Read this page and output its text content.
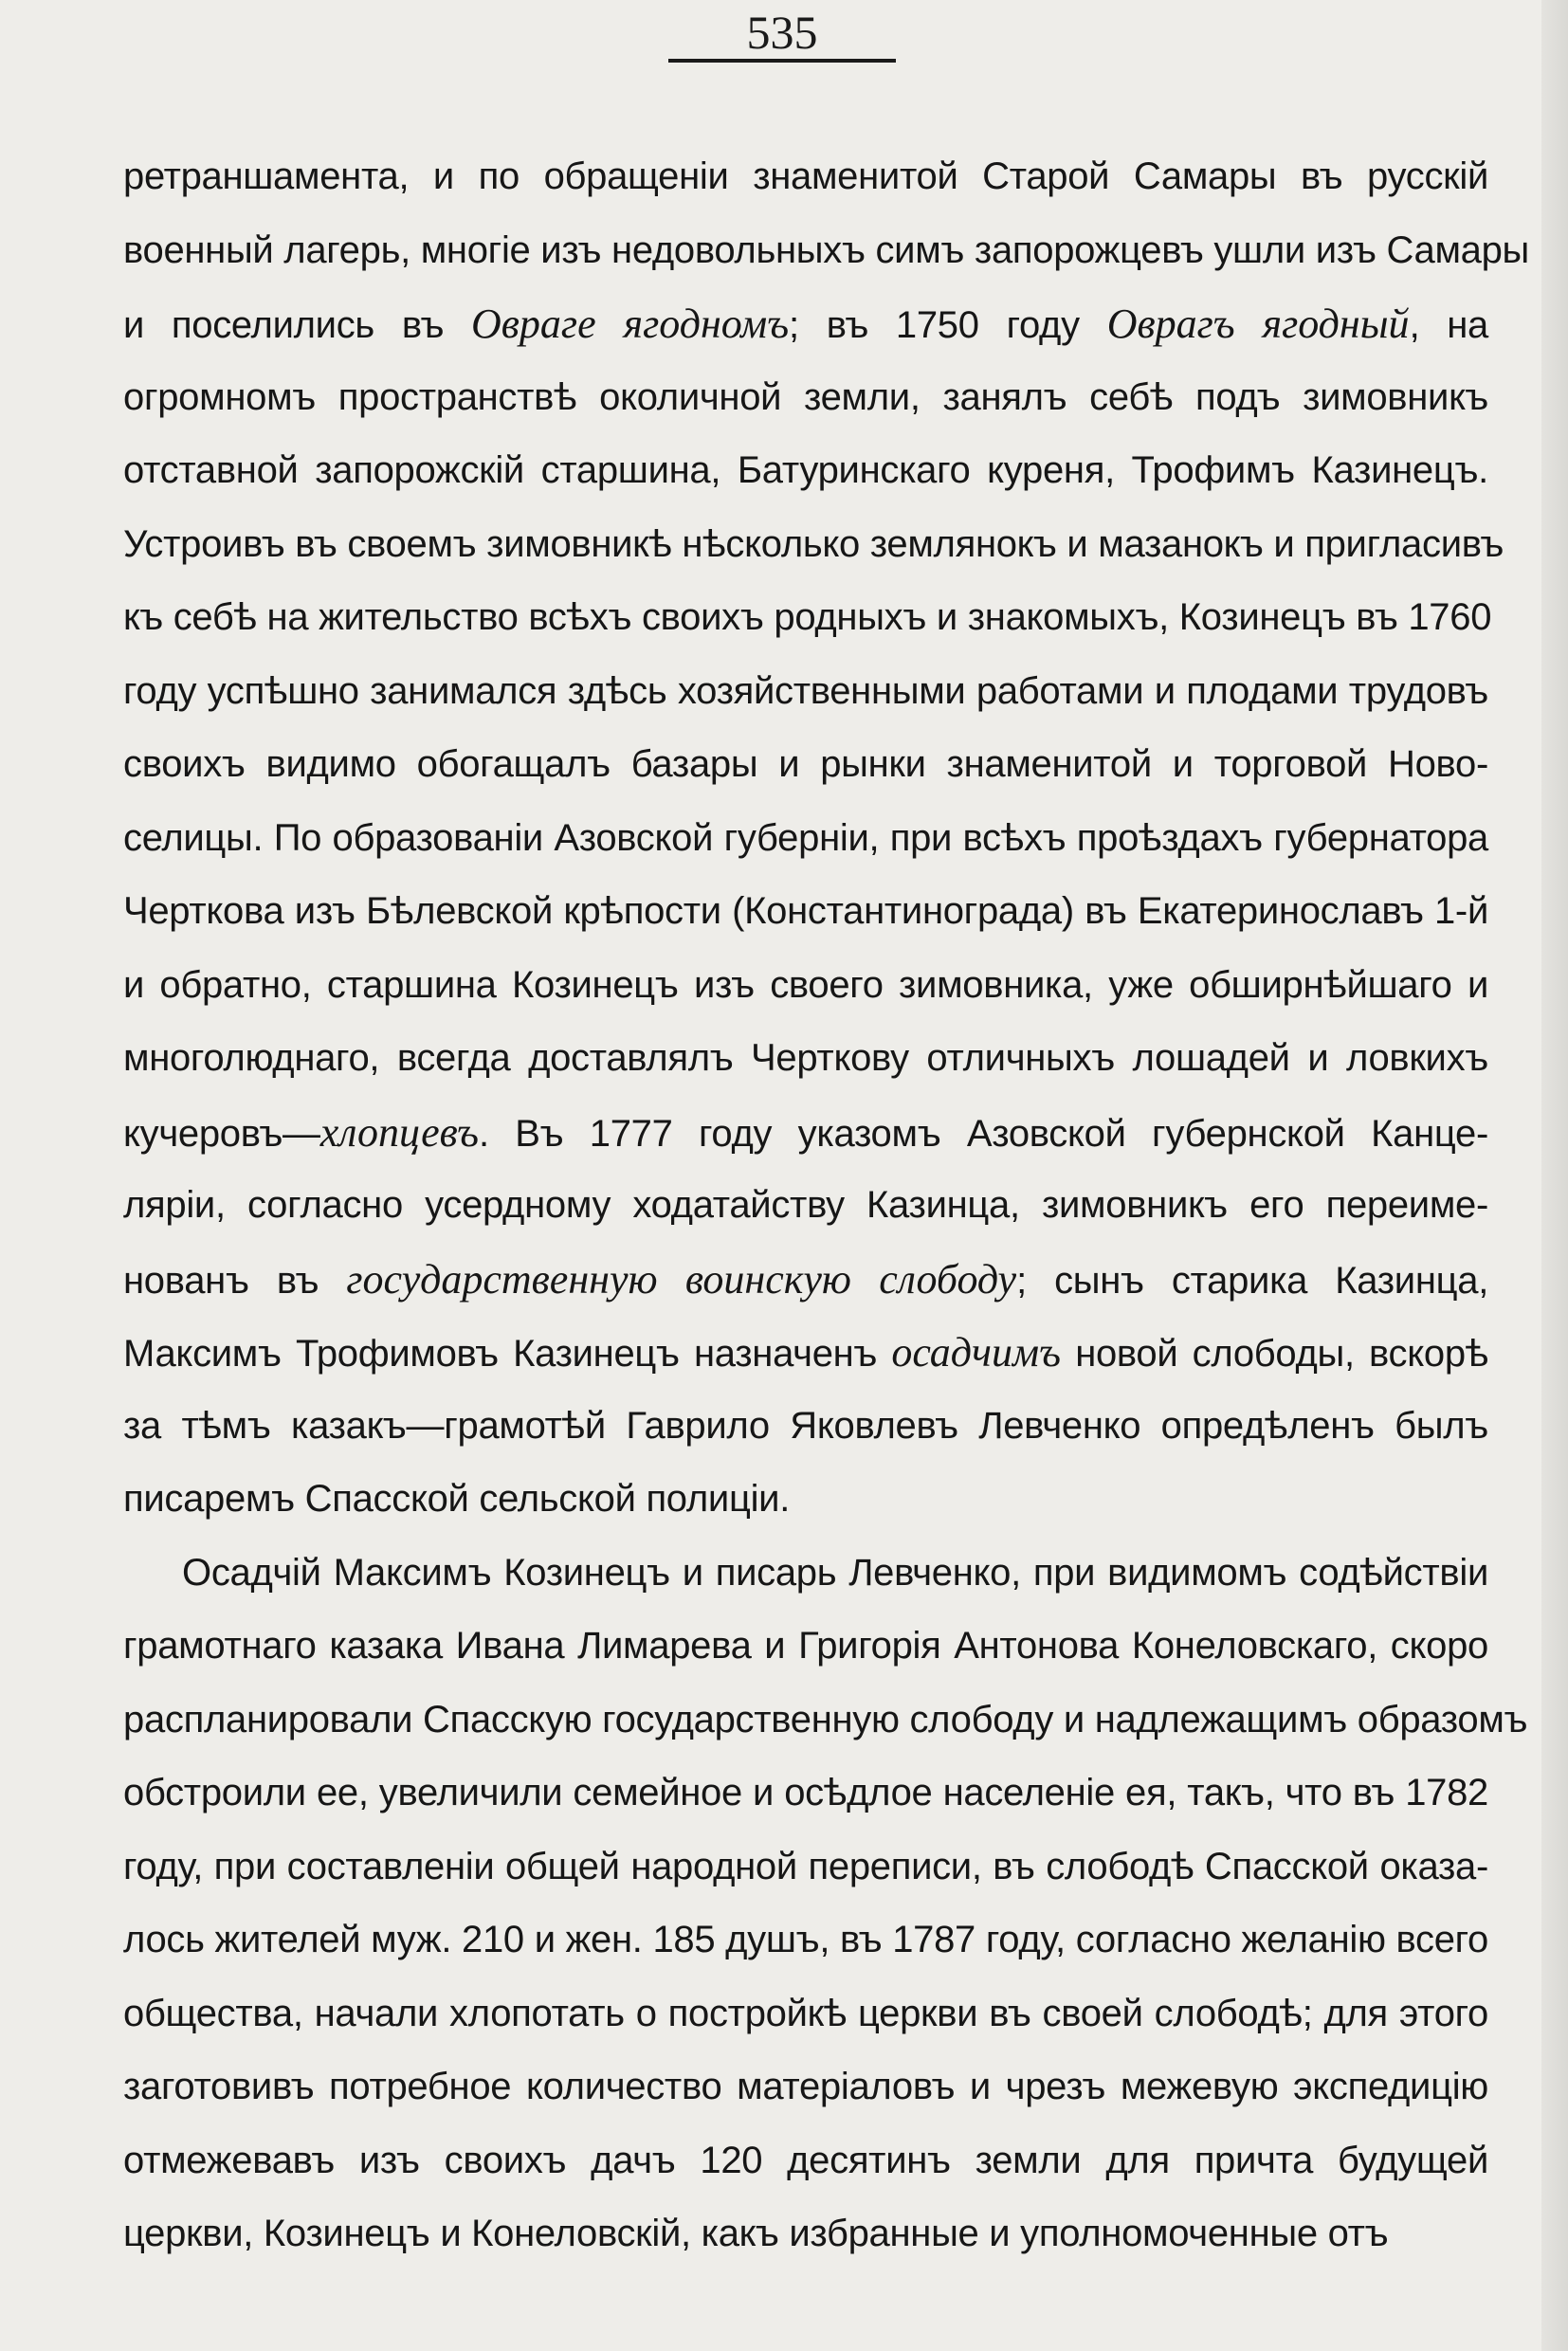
535
ретраншамента, и по обращеніи знаменитой Старой Самары въ русскій
военный лагерь, многіе изъ недовольныхъ симъ запорожцевъ ушли изъ Самары
и поселились въ Овраге ягодномъ; въ 1750 году Оврагъ ягодный, на
огромномъ пространствѣ околичной земли, занялъ себѣ подъ зимовникъ
отставной запорожскій старшина, Батуринскаго куреня, Трофимъ Казинецъ.
Устроивъ въ своемъ зимовникѣ нѣсколько землянокъ и мазанокъ и пригласивъ
къ себѣ на жительство всѣхъ своихъ родныхъ и знакомыхъ, Козинецъ въ 1760
году успѣшно занимался здѣсь хозяйственными работами и плодами трудовъ
своихъ видимо обогащалъ базары и рынки знаменитой и торговой Ново-
селицы. По образованіи Азовской губерніи, при всѣхъ проѣздахъ губернатора
Черткова изъ Бѣлевской крѣпости (Константинограда) въ Екатеринославъ 1-й
и обратно, старшина Козинецъ изъ своего зимовника, уже обширнѣйшаго и
многолюднаго, всегда доставлялъ Черткову отличныхъ лошадей и ловкихъ
кучеровъ—хлопцевъ. Въ 1777 году указомъ Азовской губернской Канце-
ляріи, согласно усердному ходатайству Казинца, зимовникъ его переиме-
нованъ въ государственную воинскую слободу; сынъ старика Казинца,
Максимъ Трофимовъ Казинецъ назначенъ осадчимъ новой слободы, вскорѣ
за тѣмъ казакъ—грамотѣй Гаврило Яковлевъ Левченко опредѣленъ былъ
писаремъ Спасской сельской полиціи.
Осадчій Максимъ Козинецъ и писарь Левченко, при видимомъ содѣйствіи
грамотнаго казака Ивана Лимарева и Григорія Антонова Конеловскаго, скоро
распланировали Спасскую государственную слободу и надлежащимъ образомъ
обстроили ее, увеличили семейное и осѣдлое населеніе ея, такъ, что въ 1782
году, при составленіи общей народной переписи, въ слободѣ Спасской оказа-
лось жителей муж. 210 и жен. 185 душъ, въ 1787 году, согласно желанію всего
общества, начали хлопотать о постройкѣ церкви въ своей слободѣ; для этого
заготовивъ потребное количество матеріаловъ и чрезъ межевую экспедицію
отмежевавъ изъ своихъ дачъ 120 десятинъ земли для причта будущей
церкви, Козинецъ и Конеловскій, какъ избранные и уполномоченные отъ
